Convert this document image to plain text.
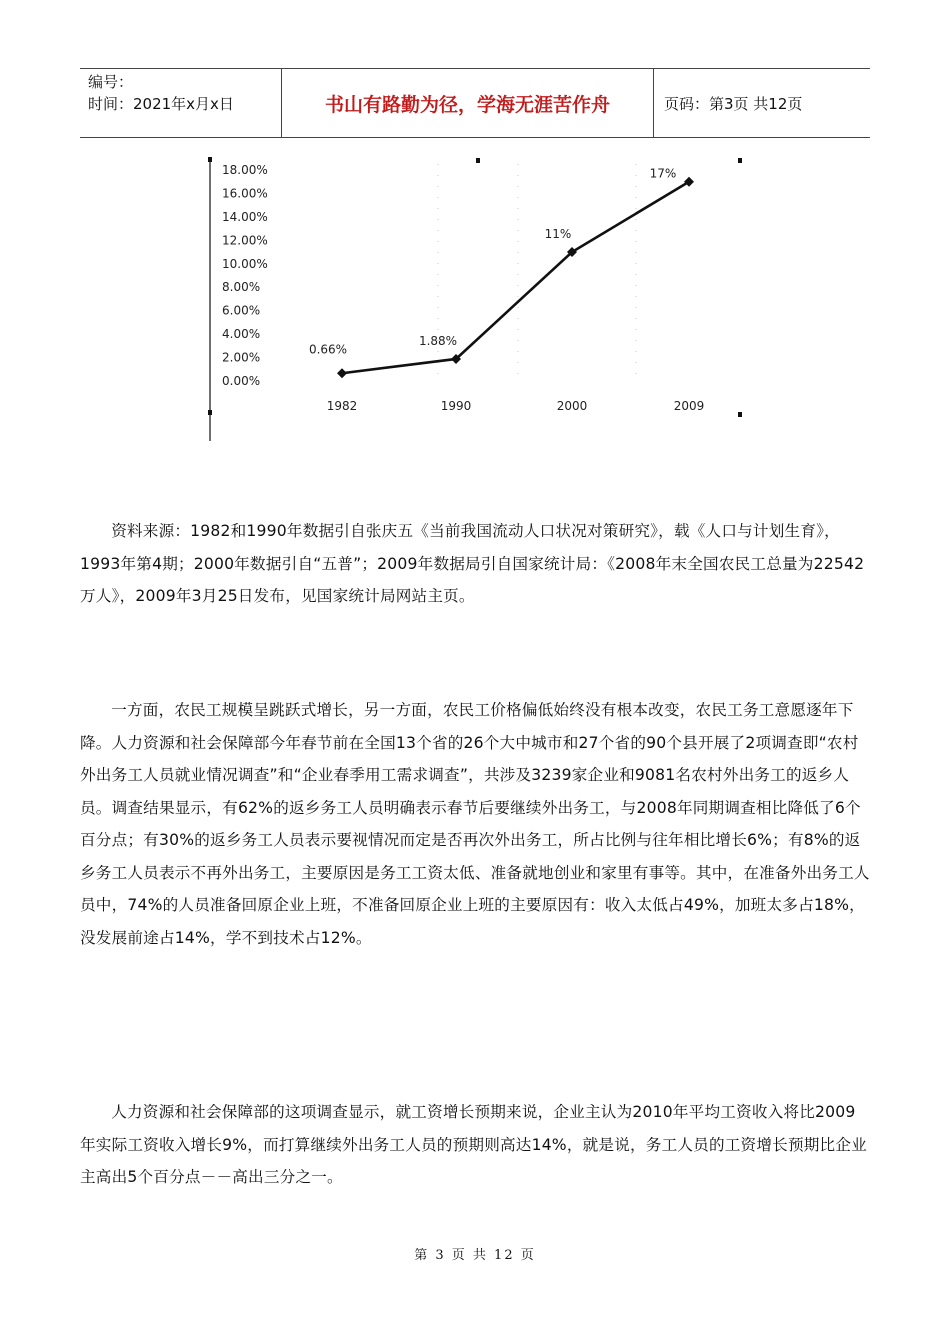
编号：
时间：2021年x月x日	书山有路勤为径，学海无涯苦作舟	页码：第3页 共12页
0.00%
2.00%
4.00%
6.00%
8.00%
10.00%
12.00%
14.00%
16.00%
18.00%
1982	1990	2000	2009
0.66%
1.88%
11%
17%
资料来源：1982和1990年数据引自张庆五《当前我国流动人口状况对策研究》，载《人口与计划生育》，1993年第4期；2000年数据引自“五普”；2009年数据局引自国家统计局：《2008年末全国农民工总量为22542万人》，2009年3月25日发布，见国家统计局网站主页。
一方面，农民工规模呈跳跃式增长，另一方面，农民工价格偏低始终没有根本改变，农民工务工意愿逐年下降。人力资源和社会保障部今年春节前在全国13个省的26个大中城市和27个省的90个县开展了2项调查即“农村外出务工人员就业情况调查”和“企业春季用工需求调查”，共涉及3239家企业和9081名农村外出务工的返乡人员。调查结果显示，有62%的返乡务工人员明确表示春节后要继续外出务工，与2008年同期调查相比降低了6个百分点；有30%的返乡务工人员表示要视情况而定是否再次外出务工，所占比例与往年相比增长6%；有8%的返乡务工人员表示不再外出务工，主要原因是务工工资太低、准备就地创业和家里有事等。其中，在准备外出务工人员中，74%的人员准备回原企业上班，不准备回原企业上班的主要原因有：收入太低占49%，加班太多占18%，没发展前途占14%，学不到技术占12%。
人力资源和社会保障部的这项调查显示，就工资增长预期来说，企业主认为2010年平均工资收入将比2009年实际工资收入增长9%，而打算继续外出务工人员的预期则高达14%，就是说，务工人员的工资增长预期比企业主高出5个百分点－－高出三分之一。
第 3 页 共 12 页
